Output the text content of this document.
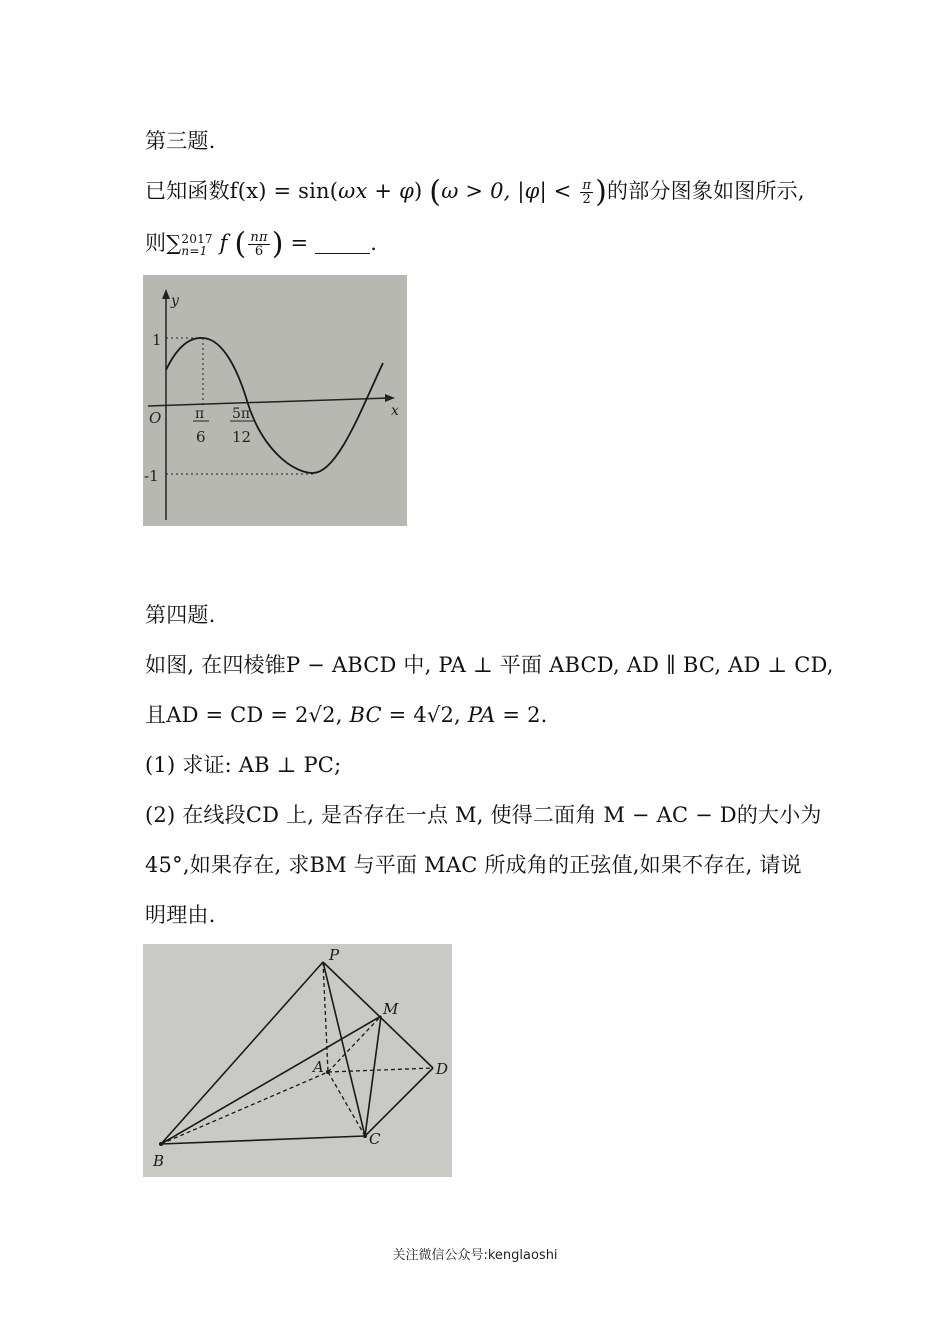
第三题.
已知函数f(x) = sin(ωx + φ) (ω > 0, $|\varphi| < \frac{\pi}{2}$ )的部分图象如图所示,
则∑ 2017
n=1 f ( $\frac{n\pi}{6}$ ) =	.
y
x
O
1
-1
π
6
5π
12
第四题.
如图, 在四棱锥P − ABCD 中, PA ⊥ 平面 ABCD, AD ∥ BC, AD ⊥ CD,
且AD = CD = 2√2, BC = 4√2, PA = 2.
(1) 求证: AB ⊥ PC;
(2) 在线段CD 上, 是否存在一点 M, 使得二面角 M − AC − D的大小为
45°,如果存在, 求BM 与平面 MAC 所成角的正弦值,如果不存在, 请说
明理由.
P
M
A	D
B
C
关注微信公众号:kenglaoshi
